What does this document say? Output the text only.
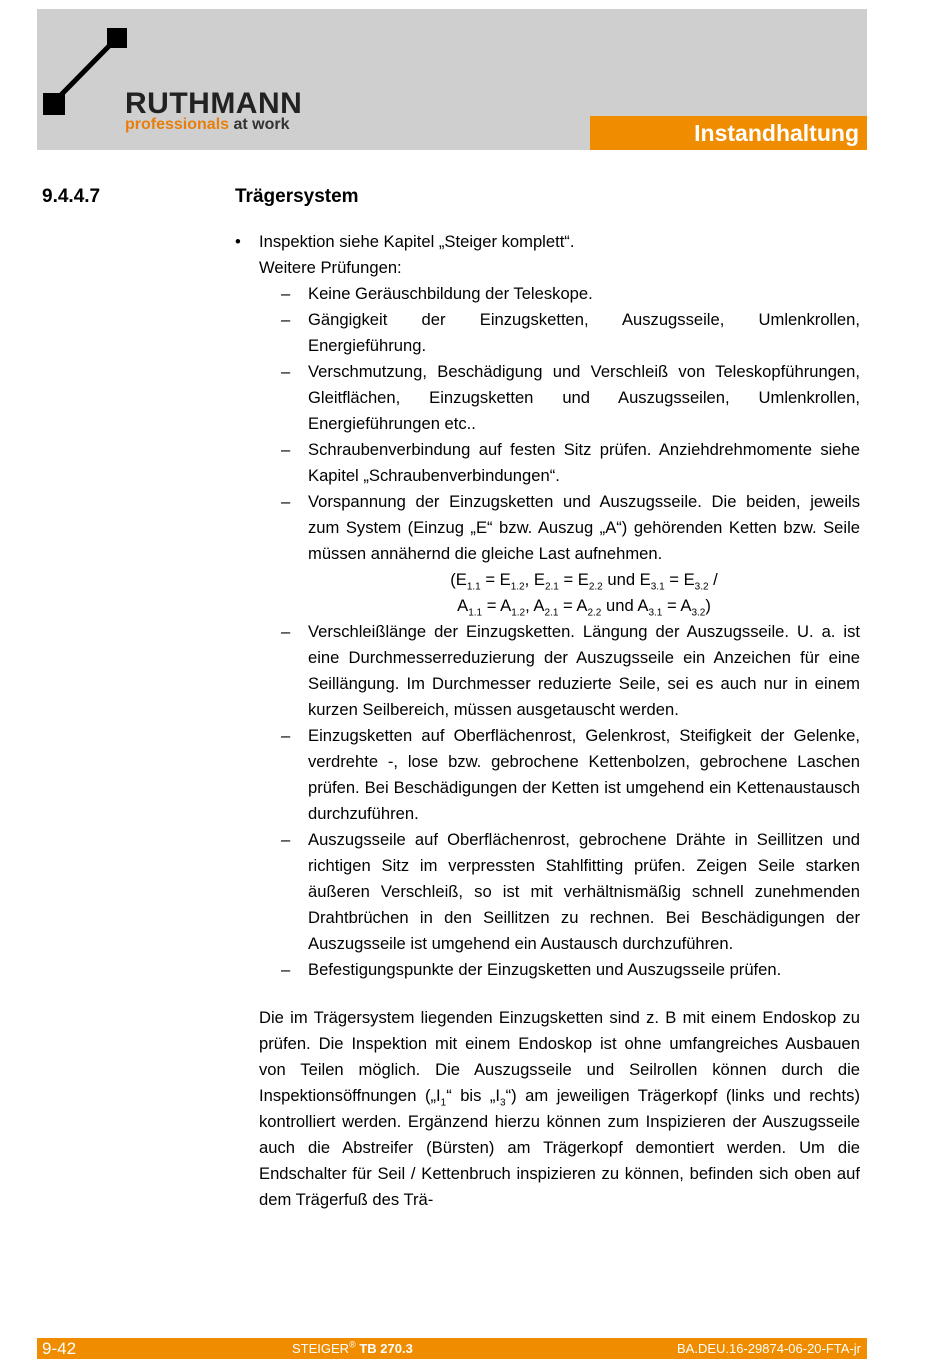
RUTHMANN
professionals at work	Instandhaltung
9.4.4.7	Trägersystem
• Inspektion siehe Kapitel „Steiger komplett“.
Weitere Prüfungen:
– Keine Geräuschbildung der Teleskope.
– Gängigkeit der Einzugsketten, Auszugsseile, Umlenkrollen, Energieführung.
– Verschmutzung, Beschädigung und Verschleiß von Teleskopführungen, Gleitflächen, Einzugsketten und Auszugsseilen, Umlenkrollen, Energieführungen etc..
– Schraubenverbindung auf festen Sitz prüfen. Anziehdrehmomente siehe Kapitel „Schraubenverbindungen“.
– Vorspannung der Einzugsketten und Auszugsseile. Die beiden, jeweils zum System (Einzug „E“ bzw. Auszug „A“) gehörenden Ketten bzw. Seile müssen annähernd die gleiche Last aufnehmen.
($E_{1.1} = E_{1.2}$, $E_{2.1} = E_{2.2}$ und $E_{3.1} = E_{3.2}$ /
$A_{1.1} = A_{1.2}$, $A_{2.1} = A_{2.2}$ und $A_{3.1} = A_{3.2}$)
– Verschleißlänge der Einzugsketten. Längung der Auszugsseile. U. a. ist eine Durchmesserreduzierung der Auszugsseile ein Anzeichen für eine Seillängung. Im Durchmesser reduzierte Seile, sei es auch nur in einem kurzen Seilbereich, müssen ausgetauscht werden.
– Einzugsketten auf Oberflächenrost, Gelenkrost, Steifigkeit der Gelenke, verdrehte -, lose bzw. gebrochene Kettenbolzen, gebrochene Laschen prüfen. Bei Beschädigungen der Ketten ist umgehend ein Kettenaustausch durchzuführen.
– Auszugsseile auf Oberflächenrost, gebrochene Drähte in Seillitzen und richtigen Sitz im verpressten Stahlfitting prüfen. Zeigen Seile starken äußeren Verschleiß, so ist mit verhältnismäßig schnell zunehmenden Drahtbrüchen in den Seillitzen zu rechnen. Bei Beschädigungen der Auszugsseile ist umgehend ein Austausch durchzuführen.
– Befestigungspunkte der Einzugsketten und Auszugsseile prüfen.

Die im Trägersystem liegenden Einzugsketten sind z. B mit einem Endoskop zu prüfen. Die Inspektion mit einem Endoskop ist ohne umfangreiches Ausbauen von Teilen möglich. Die Auszugsseile und Seilrollen können durch die Inspektionsöffnungen ($„I_1“$ bis $„I_3“$) am jeweiligen Trägerkopf (links und rechts) kontrolliert werden. Ergänzend hierzu können zum Inspizieren der Auszugsseile auch die Abstreifer (Bürsten) am Trägerkopf demontiert werden. Um die Endschalter für Seil / Kettenbruch inspizieren zu können, befinden sich oben auf dem Trägerfuß des Trä-

9-42	STEIGER® TB 270.3	BA.DEU.16-29874-06-20-FTA-jr
